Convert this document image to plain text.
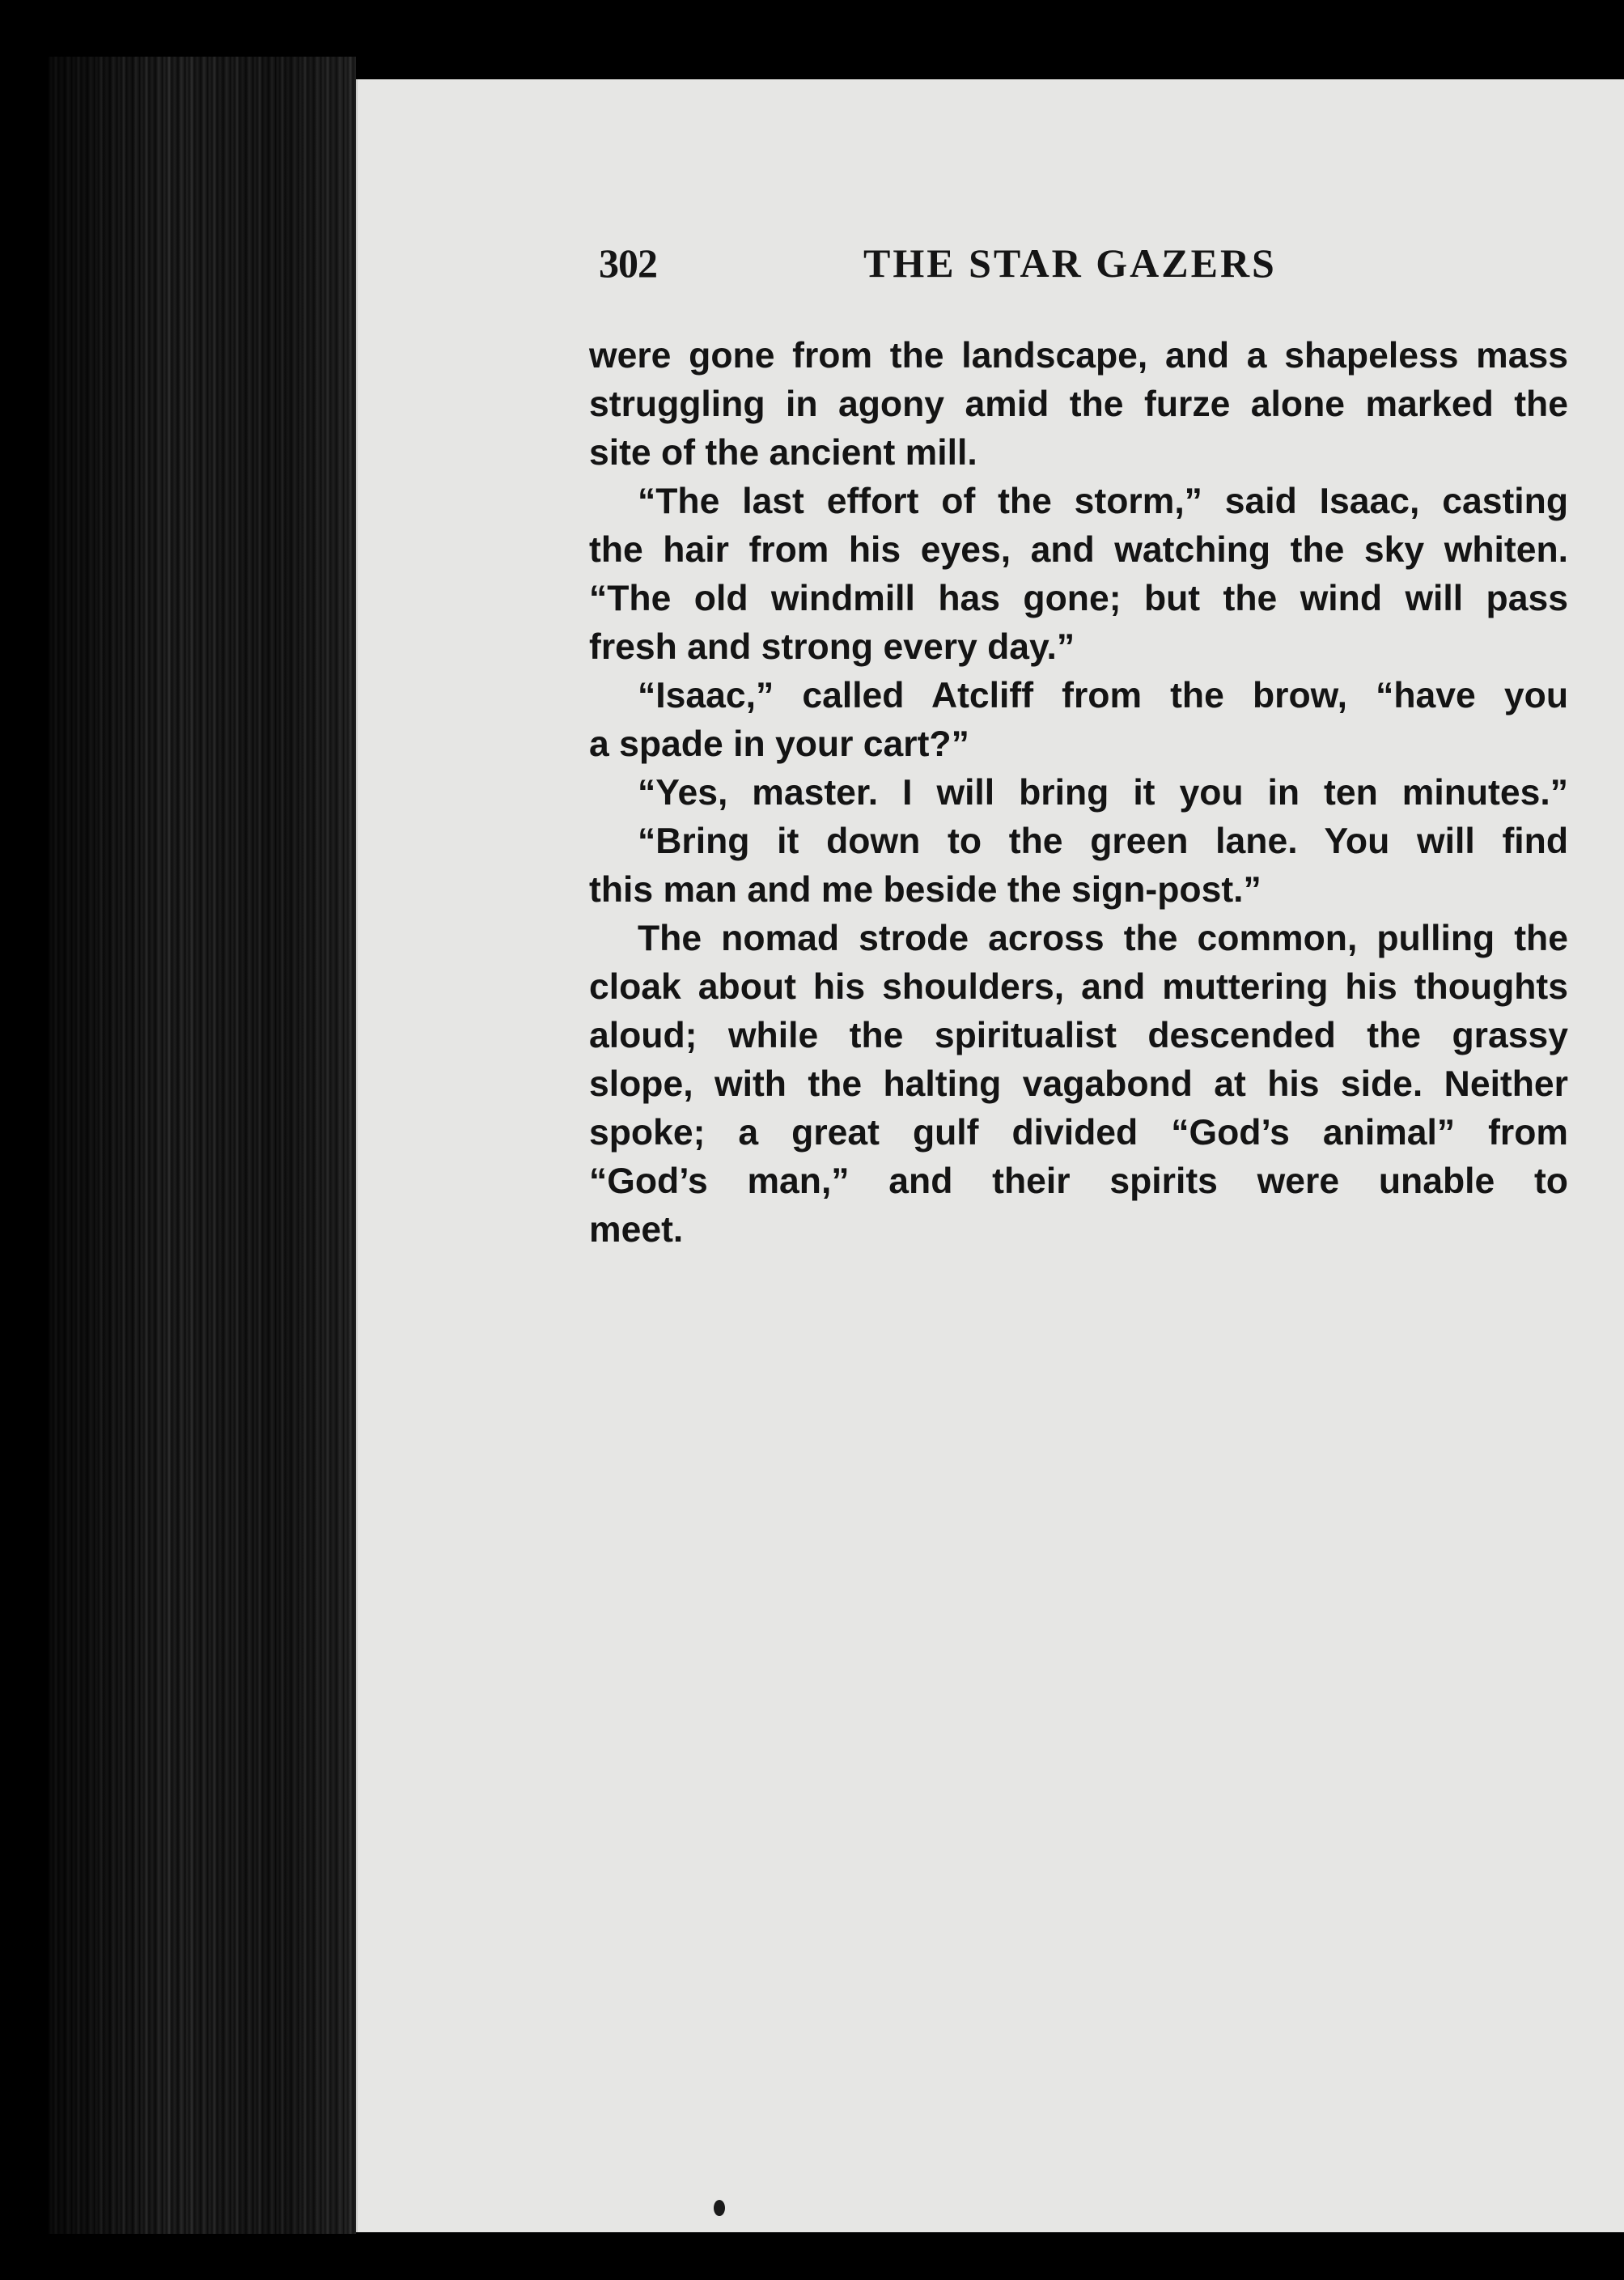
302	THE STAR GAZERS
were gone from the landscape, and a shapeless mass
struggling in agony amid the furze alone marked the
site of the ancient mill.
“The last effort of the storm,” said Isaac, casting
the hair from his eyes, and watching the sky whiten.
“The old windmill has gone; but the wind will pass
fresh and strong every day.”
“Isaac,” called Atcliff from the brow, “have you
a spade in your cart?”
“Yes, master. I will bring it you in ten minutes.”
“Bring it down to the green lane. You will find
this man and me beside the sign-post.”
The nomad strode across the common, pulling the
cloak about his shoulders, and muttering his thoughts
aloud; while the spiritualist descended the grassy
slope, with the halting vagabond at his side. Neither
spoke; a great gulf divided “God’s animal” from
“God’s man,” and their spirits were unable to
meet.
